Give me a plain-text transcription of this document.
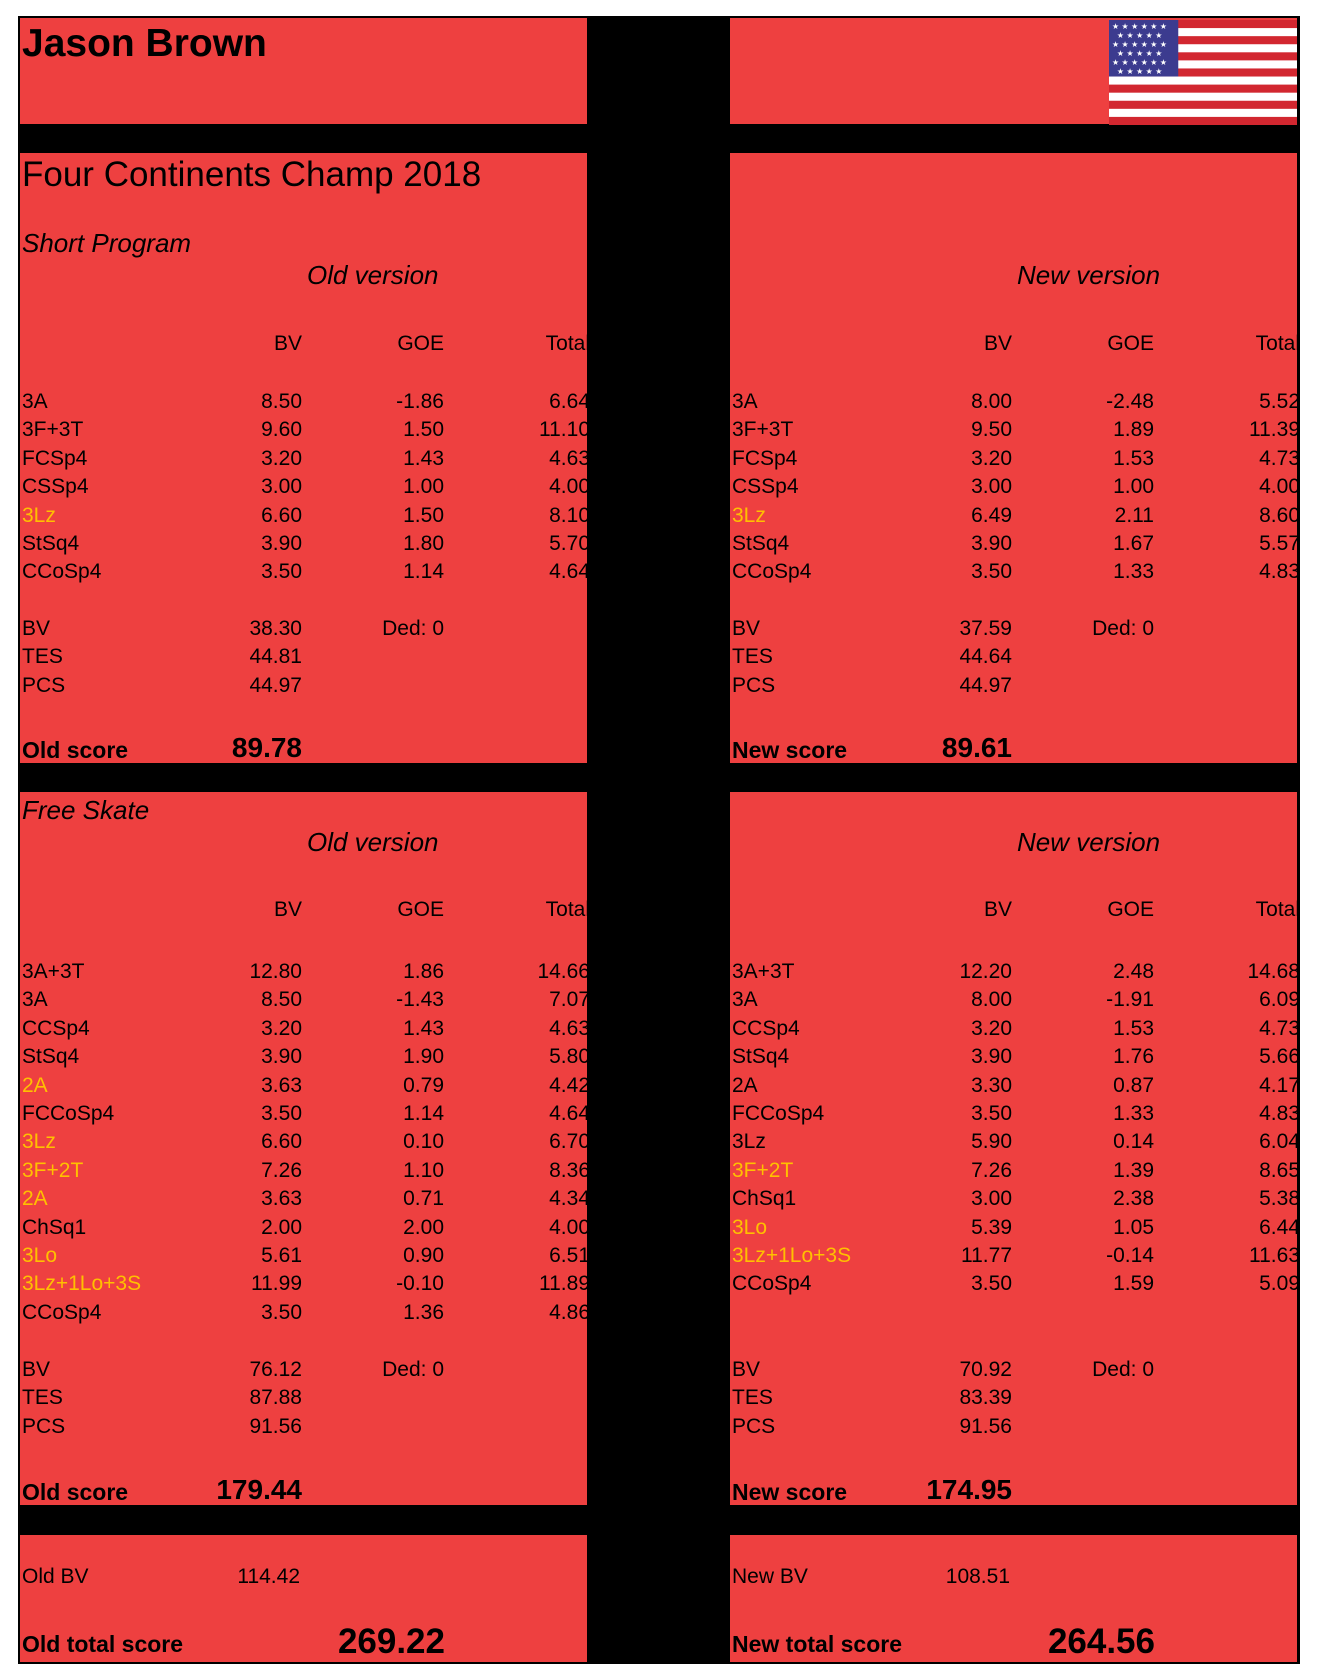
Jason Brown	★ ★ ★ ★ ★ ★
★ ★ ★ ★ ★
★ ★ ★ ★ ★ ★
★ ★ ★ ★ ★
★ ★ ★ ★ ★ ★
★ ★ ★ ★ ★
Four Continents Champ 2018
Short Program
Old version
BV	GOE	Total
3A	8.50	-1.86	6.64
3F+3T	9.60	1.50	11.10
FCSp4	3.20	1.43	4.63
CSSp4	3.00	1.00	4.00
3Lz	6.60	1.50	8.10
StSq4	3.90	1.80	5.70
CCoSp4	3.50	1.14	4.64
BV	38.30	Ded: 0
TES	44.81
PCS	44.97
Old score	89.78
New version
BV	GOE	Total
3A	8.00	-2.48	5.52
3F+3T	9.50	1.89	11.39
FCSp4	3.20	1.53	4.73
CSSp4	3.00	1.00	4.00
3Lz	6.49	2.11	8.60
StSq4	3.90	1.67	5.57
CCoSp4	3.50	1.33	4.83
BV	37.59	Ded: 0
TES	44.64
PCS	44.97
New score	89.61
Free Skate
Old version
BV	GOE	Total
3A+3T	12.80	1.86	14.66
3A	8.50	-1.43	7.07
CCSp4	3.20	1.43	4.63
StSq4	3.90	1.90	5.80
2A	3.63	0.79	4.42
FCCoSp4	3.50	1.14	4.64
3Lz	6.60	0.10	6.70
3F+2T	7.26	1.10	8.36
2A	3.63	0.71	4.34
ChSq1	2.00	2.00	4.00
3Lo	5.61	0.90	6.51
3Lz+1Lo+3S	11.99	-0.10	11.89
CCoSp4	3.50	1.36	4.86
BV	76.12	Ded: 0
TES	87.88
PCS	91.56
Old score	179.44
New version
BV	GOE	Total
3A+3T	12.20	2.48	14.68
3A	8.00	-1.91	6.09
CCSp4	3.20	1.53	4.73
StSq4	3.90	1.76	5.66
2A	3.30	0.87	4.17
FCCoSp4	3.50	1.33	4.83
3Lz	5.90	0.14	6.04
3F+2T	7.26	1.39	8.65
ChSq1	3.00	2.38	5.38
3Lo	5.39	1.05	6.44
3Lz+1Lo+3S	11.77	-0.14	11.63
CCoSp4	3.50	1.59	5.09
BV	70.92	Ded: 0
TES	83.39
PCS	91.56
New score	174.95
Old BV	114.42
Old total score	269.22
New BV	108.51
New total score	264.56
